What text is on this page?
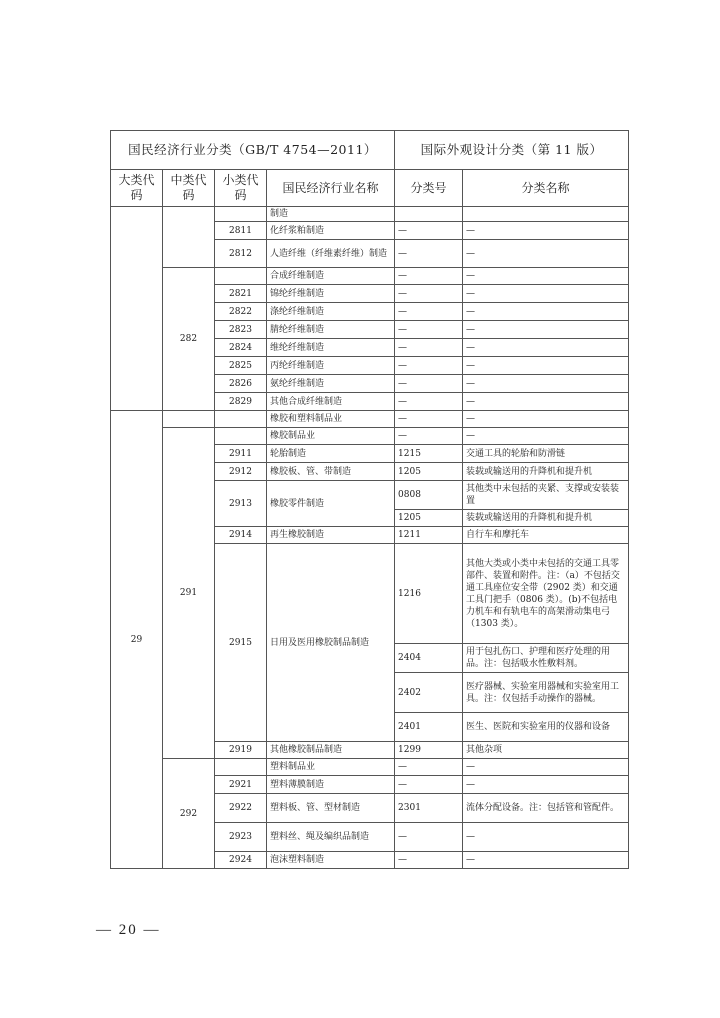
国民经济行业分类（GB/T 4754—2011）				国际外观设计分类（第 11 版）	
大类代码	中类代码	小类代码	国民经济行业名称	分类号	分类名称
			制造		
		2811	化纤浆粕制造	—	—
		2812	人造纤维（纤维素纤维）制造	—	—
	282		合成纤维制造	—	—
		2821	锦纶纤维制造	—	—
		2822	涤纶纤维制造	—	—
		2823	腈纶纤维制造	—	—
		2824	维纶纤维制造	—	—
		2825	丙纶纤维制造	—	—
		2826	氨纶纤维制造	—	—
		2829	其他合成纤维制造	—	—
29			橡胶和塑料制品业	—	—
	291		橡胶制品业	—	—
		2911	轮胎制造	1215	交通工具的轮胎和防滑链
		2912	橡胶板、管、带制造	1205	装载或输送用的升降机和提升机
		2913	橡胶零件制造	0808	其他类中未包括的夹紧、支撑或安装装置
				1205	装载或输送用的升降机和提升机
		2914	再生橡胶制造	1211	自行车和摩托车
		2915	日用及医用橡胶制品制造	1216	其他大类或小类中未包括的交通工具零部件、装置和附件。注：（a）不包括交通工具座位安全带（2902 类）和交通工具门把手（0806 类）。(b)不包括电力机车和有轨电车的高架滑动集电弓（1303 类）。
				2404	用于包扎伤口、护理和医疗处理的用品。注：包括吸水性敷料剂。
				2402	医疗器械、实验室用器械和实验室用工具。注：仅包括手动操作的器械。
				2401	医生、医院和实验室用的仪器和设备
		2919	其他橡胶制品制造	1299	其他杂项
	292		塑料制品业	—	—
		2921	塑料薄膜制造	—	—
		2922	塑料板、管、型材制造	2301	流体分配设备。注：包括管和管配件。
		2923	塑料丝、绳及编织品制造	—	—
		2924	泡沫塑料制造	—	—
— 20 —
